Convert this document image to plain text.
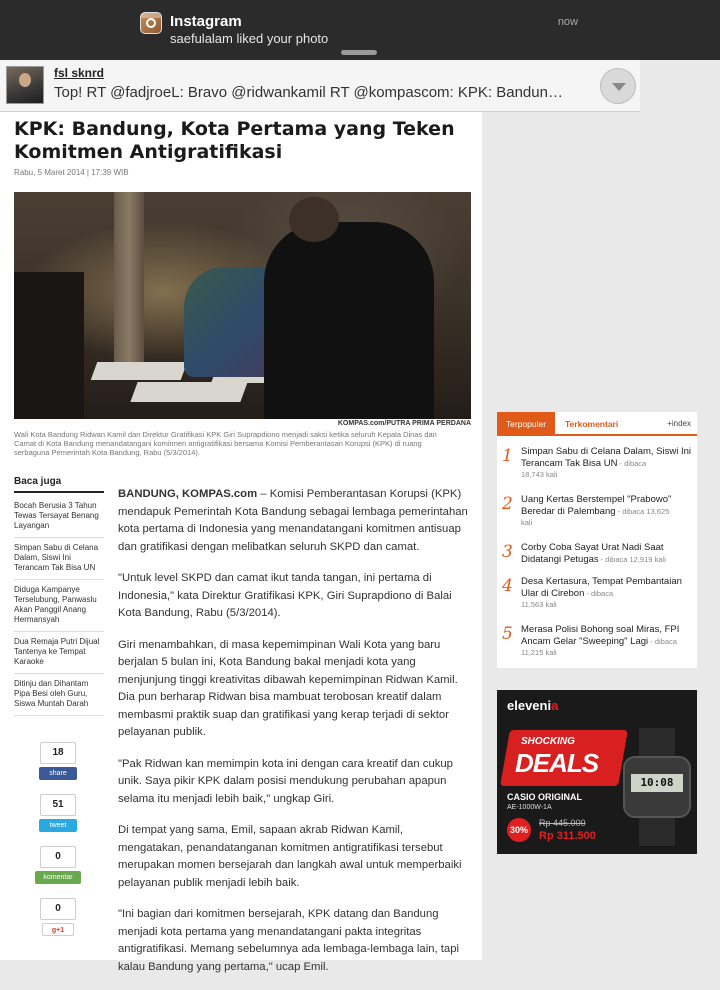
Instagram
saefulalam liked your photo
now
fsl sknrd
Top! RT @fadjroeL: Bravo @ridwankamil RT @kompascom: KPK: Bandun…
KPK: Bandung, Kota Pertama yang Teken Komitmen Antigratifikasi
Rabu, 5 Maret 2014 | 17:39 WIB
KOMPAS.com/PUTRA PRIMA PERDANA
Wali Kota Bandung Ridwan Kamil dan Direktur Gratifikasi KPK Giri Suprapdiono menjadi saksi ketika seluruh Kepala Dinas dan Camat di Kota Bandung menandatangani komitmen antigratifikasi bersama Komisi Pemberantasan Korupsi (KPK) di ruang serbaguna Pemerintah Kota Bandung, Rabu (5/3/2014).
Baca juga
Bocah Berusia 3 Tahun Tewas Tersayat Benang Layangan
Simpan Sabu di Celana Dalam, Siswi Ini Terancam Tak Bisa UN
Diduga Kampanye Terselubung, Panwaslu Akan Panggil Anang Hermansyah
Dua Remaja Putri Dijual Tantenya ke Tempat Karaoke
Ditinju dan Dihantam Pipa Besi oleh Guru, Siswa Muntah Darah
18
share
51
tweet
0
komentar
0
g+1

BANDUNG, KOMPAS.com – Komisi Pemberantasan Korupsi (KPK) mendapuk Pemerintah Kota Bandung sebagai lembaga pemerintahan kota pertama di Indonesia yang menandatangani komitmen antisuap dan gratifikasi dengan melibatkan seluruh SKPD dan camat.

"Untuk level SKPD dan camat ikut tanda tangan, ini pertama di Indonesia," kata Direktur Gratifikasi KPK, Giri Suprapdiono di Balai Kota Bandung, Rabu (5/3/2014).

Giri menambahkan, di masa kepemimpinan Wali Kota yang baru berjalan 5 bulan ini, Kota Bandung bakal menjadi kota yang menjunjung tinggi kreativitas dibawah kepemimpinan Ridwan Kamil. Dia pun berharap Ridwan bisa mambuat terobosan kreatif dalam membasmi praktik suap dan gratifikasi yang kerap terjadi di sektor pelayanan publik.

"Pak Ridwan kan memimpin kota ini dengan cara kreatif dan cukup unik. Saya pikir KPK dalam posisi mendukung perubahan apapun selama itu menjadi lebih baik," ungkap Giri.

Di tempat yang sama, Emil, sapaan akrab Ridwan Kamil, mengatakan, penandatanganan komitmen antigratifikasi tersebut merupakan momen bersejarah dan langkah awal untuk memperbaiki pelayanan publik menjadi lebih baik.

"Ini bagian dari komitmen bersejarah, KPK datang dan Bandung menjadi kota pertama yang menandatangani pakta integritas antigratifikasi. Memang sebelumnya ada lembaga-lembaga lain, tapi kalau Bandung yang pertama," ucap Emil.

Terpopuler	Terkomentari	+index
1 Simpan Sabu di Celana Dalam, Siswi Ini Terancam Tak Bisa UN - dibaca
18,743 kali
2 Uang Kertas Berstempel "Prabowo" Beredar di Palembang - dibaca 13,625
kali
3 Corby Coba Sayat Urat Nadi Saat Didatangi Petugas - dibaca 12,919 kali
4 Desa Kertasura, Tempat Pembantaian Ular di Cirebon - dibaca
11,563 kali
5 Merasa Polisi Bohong soal Miras, FPI Ancam Gelar "Sweeping" Lagi - dibaca
11,215 kali
elevenia
SHOCKING
DEALS
CASIO ORIGINAL
AE-1000W-1A
30%
Rp 445.000
Rp 311.500
10:08
